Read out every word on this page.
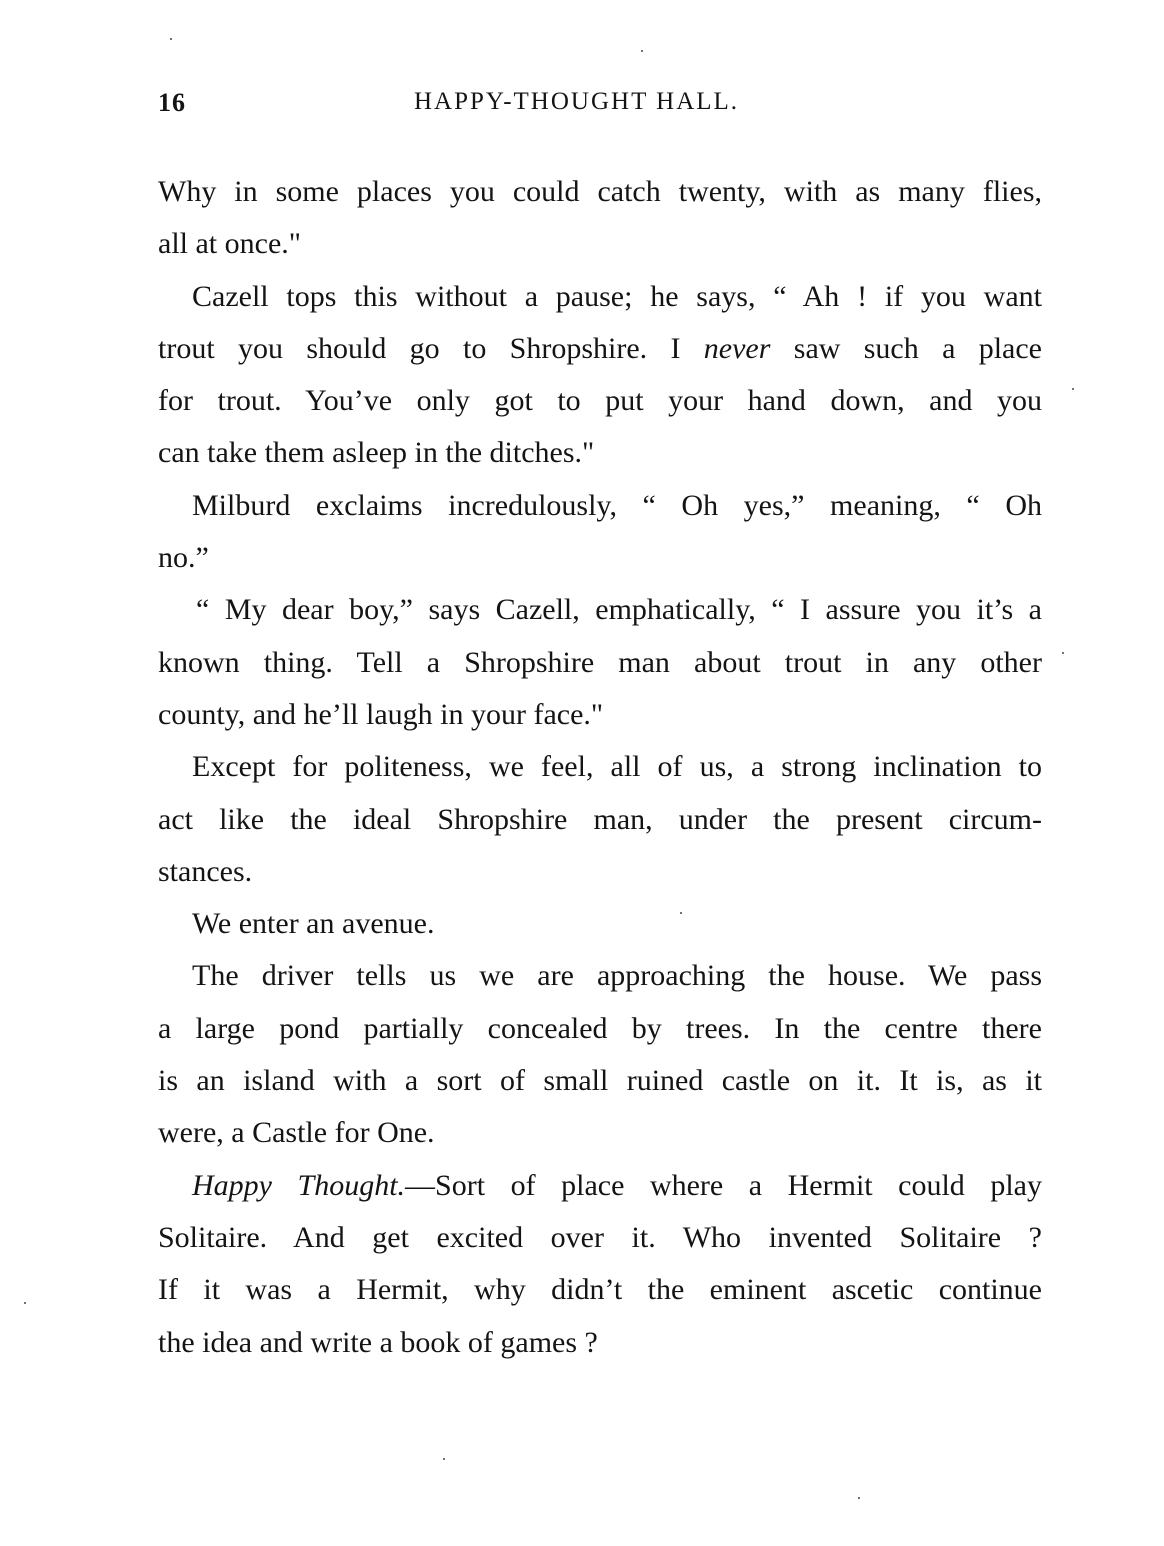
16	HAPPY-THOUGHT HALL.
Why in some places you could catch twenty, with as many flies,
all at once."
Cazell tops this without a pause; he says, “ Ah ! if you want
trout you should go to Shropshire. I never saw such a place
for trout. You’ve only got to put your hand down, and you
can take them asleep in the ditches."
Milburd exclaims incredulously, “ Oh yes,” meaning, “ Oh
no.”
“ My dear boy,” says Cazell, emphatically, “ I assure you it’s a
known thing. Tell a Shropshire man about trout in any other
county, and he’ll laugh in your face."
Except for politeness, we feel, all of us, a strong inclination to
act like the ideal Shropshire man, under the present circum-
stances.
We enter an avenue.
The driver tells us we are approaching the house. We pass
a large pond partially concealed by trees. In the centre there
is an island with a sort of small ruined castle on it. It is, as it
were, a Castle for One.
Happy Thought.—Sort of place where a Hermit could play
Solitaire. And get excited over it. Who invented Solitaire ?
If it was a Hermit, why didn’t the eminent ascetic continue
the idea and write a book of games ?
